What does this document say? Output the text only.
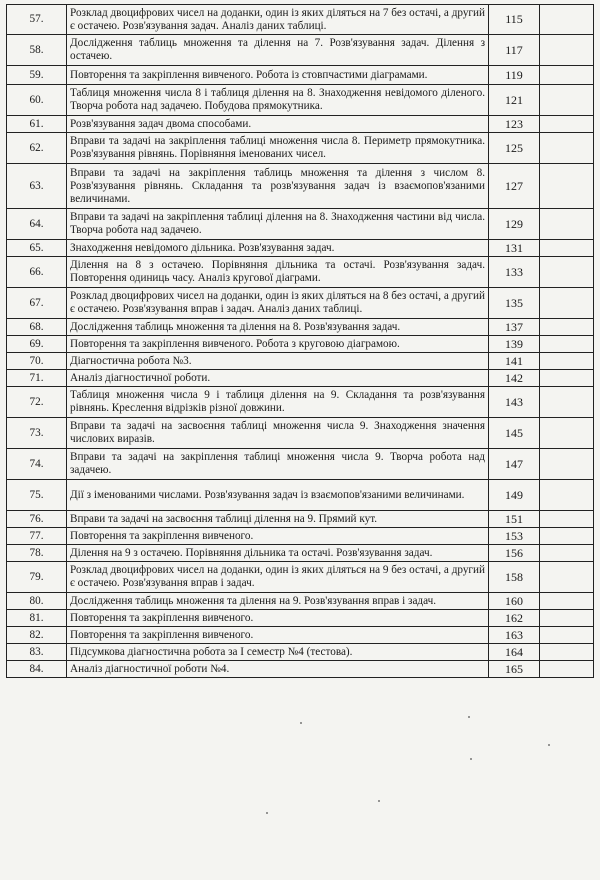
57.	Розклад двоцифрових чисел на доданки, один із яких діляться на 7 без остачі, а другий є остачею. Розв'язування задач. Аналіз даних таблиці.	115	
58.	Дослідження таблиць множення та ділення на 7. Розв'язування задач. Ділення з остачею.	117	
59.	Повторення та закріплення вивченого. Робота із стовпчастими діаграмами.	119	
60.	Таблиця множення числа 8 і таблиця ділення на 8. Знаходження невідомого діленого. Творча робота над задачею. Побудова прямокутника.	121	
61.	Розв'язування задач двома способами.	123	
62.	Вправи та задачі на закріплення таблиці множення числа 8. Периметр прямокутника. Розв'язування рівнянь. Порівняння іменованих чисел.	125	
63.	Вправи та задачі на закріплення таблиць множення та ділення з числом 8. Розв'язування рівнянь. Складання та розв'язування задач із взаємопов'язаними величинами.	127	
64.	Вправи та задачі на закріплення таблиці ділення на 8. Знаходження частини від числа. Творча робота над задачею.	129	
65.	Знаходження невідомого дільника. Розв'язування задач.	131	
66.	Ділення на 8 з остачею. Порівняння дільника та остачі. Розв'язування задач. Повторення одиниць часу. Аналіз кругової діаграми.	133	
67.	Розклад двоцифрових чисел на доданки, один із яких діляться на 8 без остачі, а другий є остачею. Розв'язування вправ і задач. Аналіз даних таблиці.	135	
68.	Дослідження таблиць множення та ділення на 8. Розв'язування задач.	137	
69.	Повторення та закріплення вивченого. Робота з круговою діаграмою.	139	
70.	Діагностична робота №3.	141	
71.	Аналіз діагностичної роботи.	142	
72.	Таблиця множення числа 9 і таблиця ділення на 9. Складання та розв'язування рівнянь. Креслення відрізків різної довжини.	143	
73.	Вправи та задачі на засвоєння таблиці множення числа 9. Знаходження значення числових виразів.	145	
74.	Вправи та задачі на закріплення таблиці множення числа 9. Творча робота над задачею.	147	
75.	Дії з іменованими числами. Розв'язування задач із взаємопов'язаними величинами.	149	
76.	Вправи та задачі на засвоєння таблиці ділення на 9. Прямий кут.	151	
77.	Повторення та закріплення вивченого.	153	
78.	Ділення на 9 з остачею. Порівняння дільника та остачі. Розв'язування задач.	156	
79.	Розклад двоцифрових чисел на доданки, один із яких діляться на 9 без остачі, а другий є остачею. Розв'язування вправ і задач.	158	
80.	Дослідження таблиць множення та ділення на 9. Розв'язування вправ і задач.	160	
81.	Повторення та закріплення вивченого.	162	
82.	Повторення та закріплення вивченого.	163	
83.	Підсумкова діагностична робота за I семестр №4 (тестова).	164	
84.	Аналіз діагностичної роботи №4.	165	
